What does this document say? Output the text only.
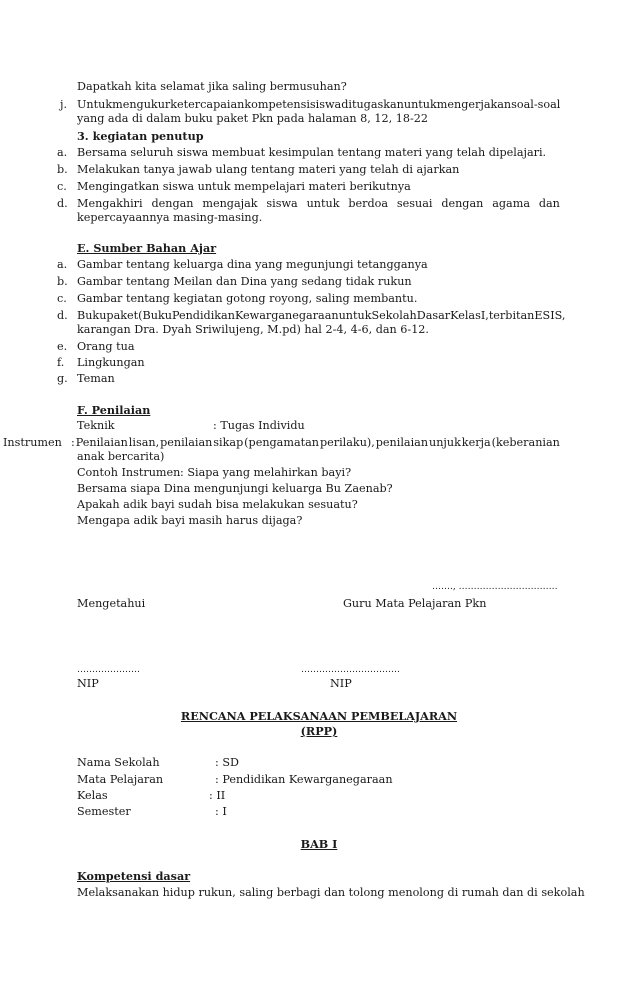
Dapatkah kita selamat jika saling bermusuhan?
j. Untuk mengukur ketercapaian kompetensi siswa ditugaskan untuk mengerjakan soal-soal
yang ada di dalam buku paket Pkn pada halaman 8, 12, 18-22
3. kegiatan penutup
a. Bersama seluruh siswa membuat kesimpulan tentang materi yang telah dipelajari.
b. Melakukan tanya jawab ulang tentang materi yang telah di ajarkan
c. Mengingatkan siswa untuk mempelajari materi berikutnya
d. Mengakhiri dengan mengajak siswa untuk berdoa sesuai dengan agama dan
kepercayaannya masing-masing.
E. Sumber Bahan Ajar
a. Gambar tentang keluarga dina yang megunjungi tetangganya
b. Gambar tentang Meilan dan Dina yang sedang tidak rukun
c. Gambar tentang kegiatan gotong royong, saling membantu.
d. Buku paket ( Buku Pendidikan Kewarganegaraan untuk Sekolah Dasar Kelas I, terbitan ESIS,
karangan Dra. Dyah Sriwilujeng, M.pd) hal 2-4, 4-6, dan 6-12.
e. Orang tua
f. Lingkungan
g. Teman
F. Penilaian
Teknik	: Tugas Individu
Instrumen : Penilaian lisan, penilaian sikap (pengamatan perilaku), penilaian unjuk kerja (keberanian
anak bercarita)
Contoh Instrumen : Siapa yang melahirkan bayi?
Bersama siapa Dina mengunjungi keluarga Bu Zaenab?
Apakah adik bayi sudah bisa melakukan sesuatu?
Mengapa adik bayi masih harus dijaga?
……., ……………………………
Mengetahui	Guru Mata Pelajaran Pkn
…………………	……………………………
NIP	NIP
RENCANA PELAKSANAAN PEMBELAJARAN
(RPP)
Nama Sekolah	: SD
Mata Pelajaran	: Pendidikan Kewarganegaraan
Kelas	: II
Semester	: I
BAB I
Kompetensi dasar
Melaksanakan hidup rukun, saling berbagi dan tolong menolong di rumah dan di sekolah
